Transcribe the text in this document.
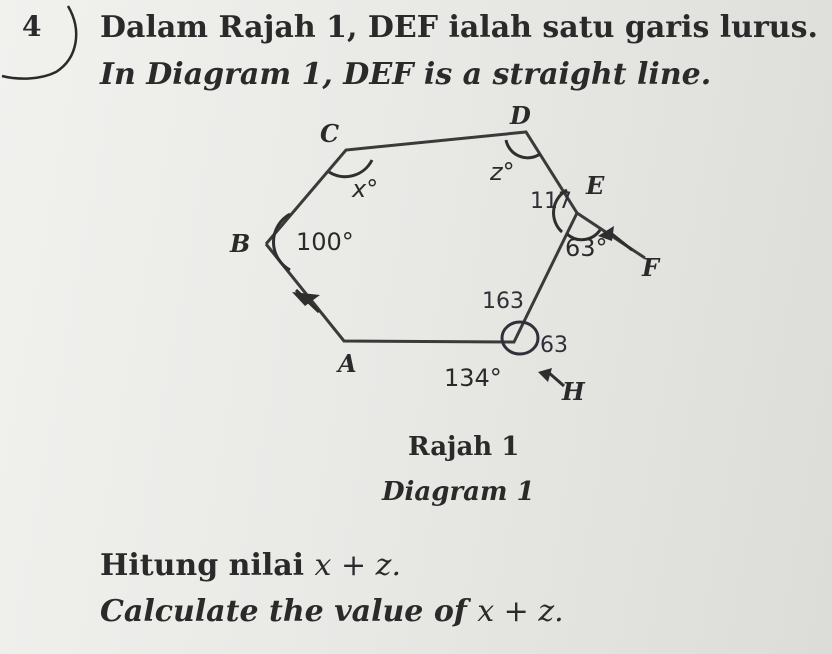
4 Dalam Rajah 1, DEF ialah satu garis lurus.
In Diagram 1, DEF is a straight line.
C
D
E
F
B
A
H
100°
x°
z°
63°
134°
117
163
63
Rajah 1
Diagram 1
Hitung nilai x + z.
Calculate the value of x + z.
